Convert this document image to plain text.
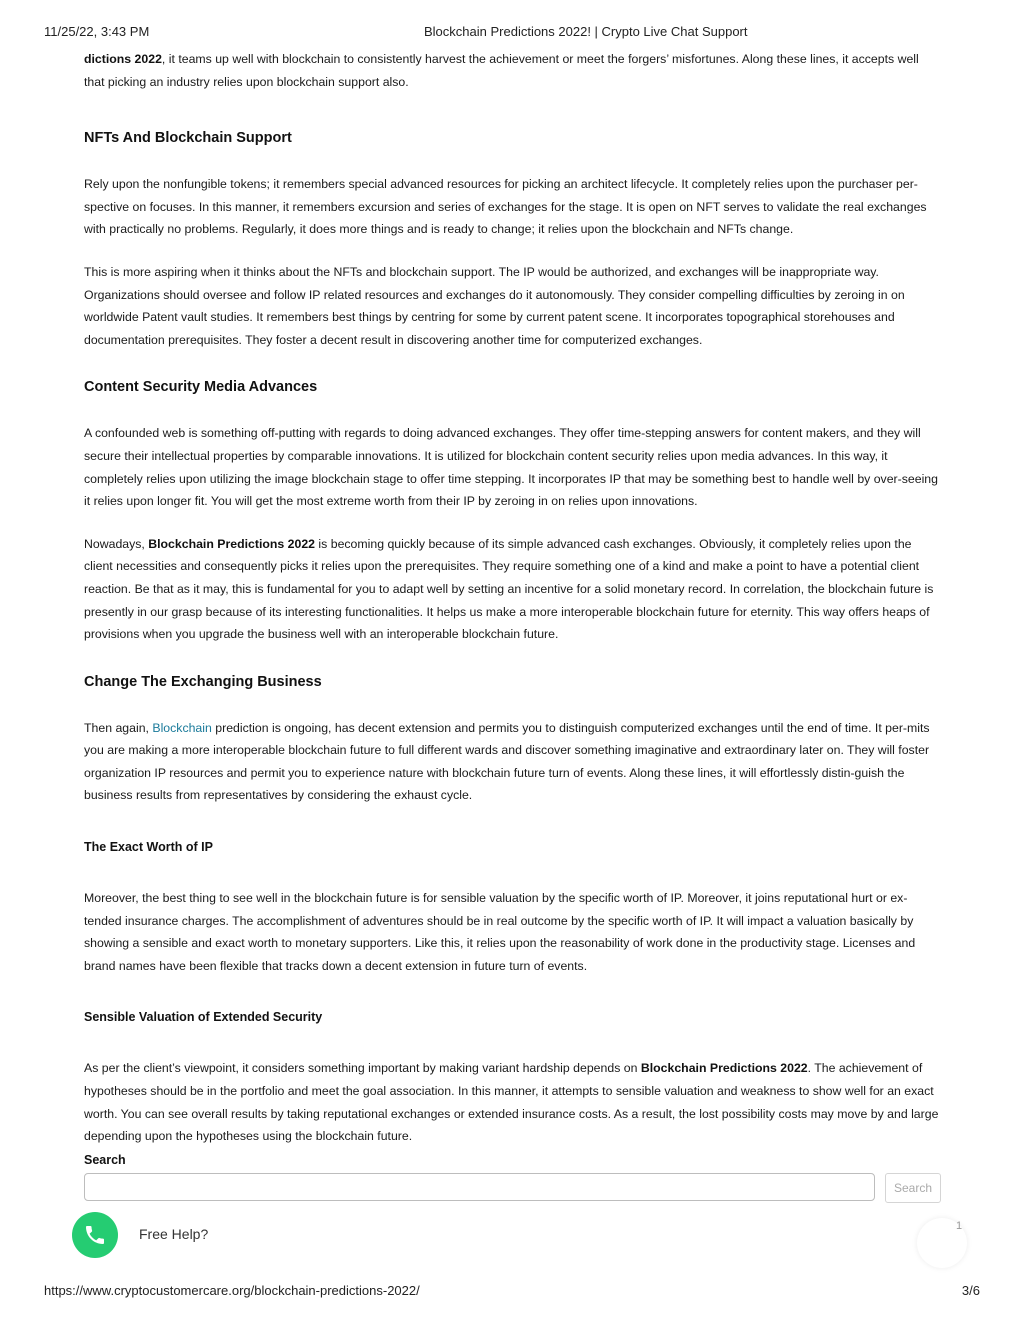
11/25/22, 3:43 PM	Blockchain Predictions 2022! | Crypto Live Chat Support

dictions 2022, it teams up well with blockchain to consistently harvest the achievement or meet the forgers’ misfortunes. Along these lines, it accepts well that picking an industry relies upon blockchain support also.

NFTs And Blockchain Support

Rely upon the nonfungible tokens; it remembers special advanced resources for picking an architect lifecycle. It completely relies upon the purchaser per-spective on focuses. In this manner, it remembers excursion and series of exchanges for the stage. It is open on NFT serves to validate the real exchanges with practically no problems. Regularly, it does more things and is ready to change; it relies upon the blockchain and NFTs change.

This is more aspiring when it thinks about the NFTs and blockchain support. The IP would be authorized, and exchanges will be inappropriate way. Organizations should oversee and follow IP related resources and exchanges do it autonomously. They consider compelling difficulties by zeroing in on worldwide Patent vault studies. It remembers best things by centring for some by current patent scene. It incorporates topographical storehouses and documentation prerequisites. They foster a decent result in discovering another time for computerized exchanges.

Content Security Media Advances

A confounded web is something off-putting with regards to doing advanced exchanges. They offer time-stepping answers for content makers, and they will secure their intellectual properties by comparable innovations. It is utilized for blockchain content security relies upon media advances. In this way, it completely relies upon utilizing the image blockchain stage to offer time stepping. It incorporates IP that may be something best to handle well by over-seeing it relies upon longer fit. You will get the most extreme worth from their IP by zeroing in on relies upon innovations.

Nowadays, Blockchain Predictions 2022 is becoming quickly because of its simple advanced cash exchanges. Obviously, it completely relies upon the client necessities and consequently picks it relies upon the prerequisites. They require something one of a kind and make a point to have a potential client reaction. Be that as it may, this is fundamental for you to adapt well by setting an incentive for a solid monetary record. In correlation, the blockchain future is presently in our grasp because of its interesting functionalities. It helps us make a more interoperable blockchain future for eternity. This way offers heaps of provisions when you upgrade the business well with an interoperable blockchain future.

Change The Exchanging Business

Then again, Blockchain prediction is ongoing, has decent extension and permits you to distinguish computerized exchanges until the end of time. It per-mits you are making a more interoperable blockchain future to full different wards and discover something imaginative and extraordinary later on. They will foster organization IP resources and permit you to experience nature with blockchain future turn of events. Along these lines, it will effortlessly distin-guish the business results from representatives by considering the exhaust cycle.

The Exact Worth of IP

Moreover, the best thing to see well in the blockchain future is for sensible valuation by the specific worth of IP. Moreover, it joins reputational hurt or ex-tended insurance charges. The accomplishment of adventures should be in real outcome by the specific worth of IP. It will impact a valuation basically by showing a sensible and exact worth to monetary supporters. Like this, it relies upon the reasonability of work done in the productivity stage. Licenses and brand names have been flexible that tracks down a decent extension in future turn of events.

Sensible Valuation of Extended Security

As per the client’s viewpoint, it considers something important by making variant hardship depends on Blockchain Predictions 2022. The achievement of hypotheses should be in the portfolio and meet the goal association. In this manner, it attempts to sensible valuation and weakness to show well for an exact worth. You can see overall results by taking reputational exchanges or extended insurance costs. As a result, the lost possibility costs may move by and large depending upon the hypotheses using the blockchain future.

Search
Search
Free Help?	1
https://www.cryptocustomercare.org/blockchain-predictions-2022/	3/6
